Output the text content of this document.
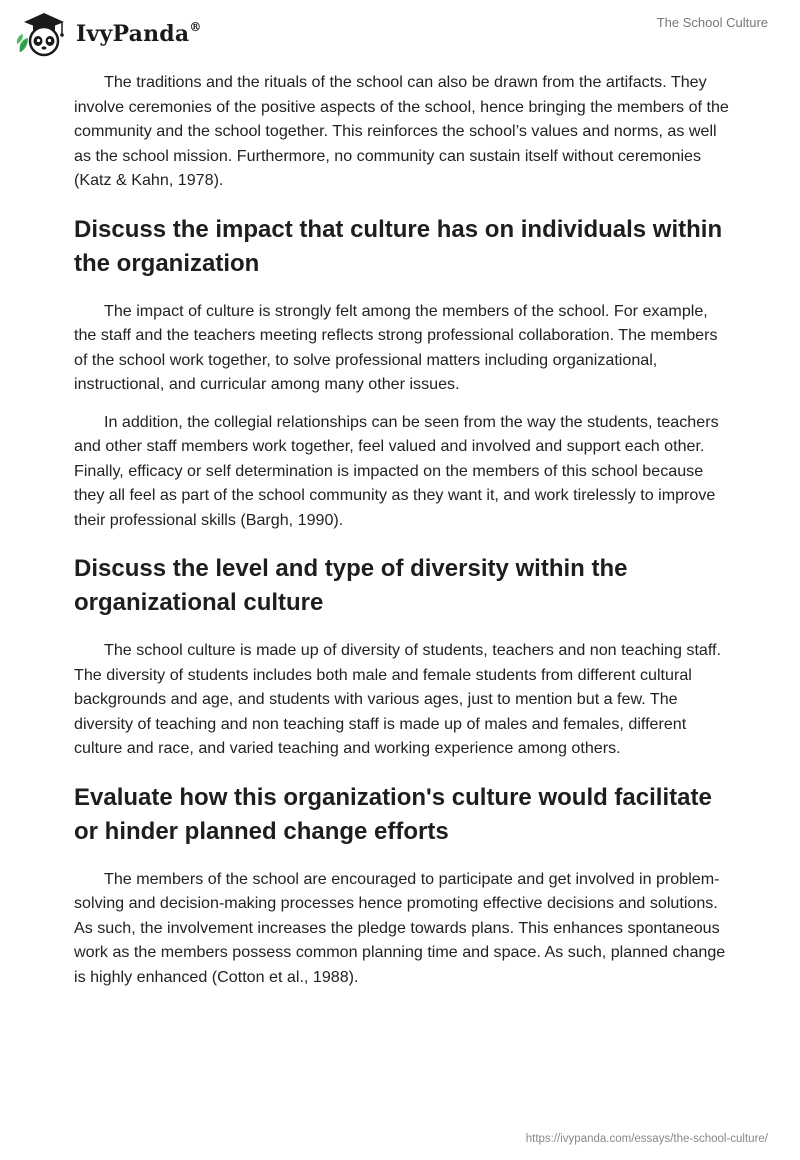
IvyPanda®	The School Culture

The traditions and the rituals of the school can also be drawn from the artifacts. They involve ceremonies of the positive aspects of the school, hence bringing the members of the community and the school together. This reinforces the school’s values and norms, as well as the school mission. Furthermore, no community can sustain itself without ceremonies (Katz & Kahn, 1978).

Discuss the impact that culture has on individuals within the organization

The impact of culture is strongly felt among the members of the school. For example, the staff and the teachers meeting reflects strong professional collaboration. The members of the school work together, to solve professional matters including organizational, instructional, and curricular among many other issues.

In addition, the collegial relationships can be seen from the way the students, teachers and other staff members work together, feel valued and involved and support each other. Finally, efficacy or self determination is impacted on the members of this school because they all feel as part of the school community as they want it, and work tirelessly to improve their professional skills (Bargh, 1990).

Discuss the level and type of diversity within the organizational culture

The school culture is made up of diversity of students, teachers and non teaching staff. The diversity of students includes both male and female students from different cultural backgrounds and age, and students with various ages, just to mention but a few. The diversity of teaching and non teaching staff is made up of males and females, different culture and race, and varied teaching and working experience among others.

Evaluate how this organization's culture would facilitate or hinder planned change efforts

The members of the school are encouraged to participate and get involved in problem-solving and decision-making processes hence promoting effective decisions and solutions. As such, the involvement increases the pledge towards plans. This enhances spontaneous work as the members possess common planning time and space. As such, planned change is highly enhanced (Cotton et al., 1988).

https://ivypanda.com/essays/the-school-culture/
